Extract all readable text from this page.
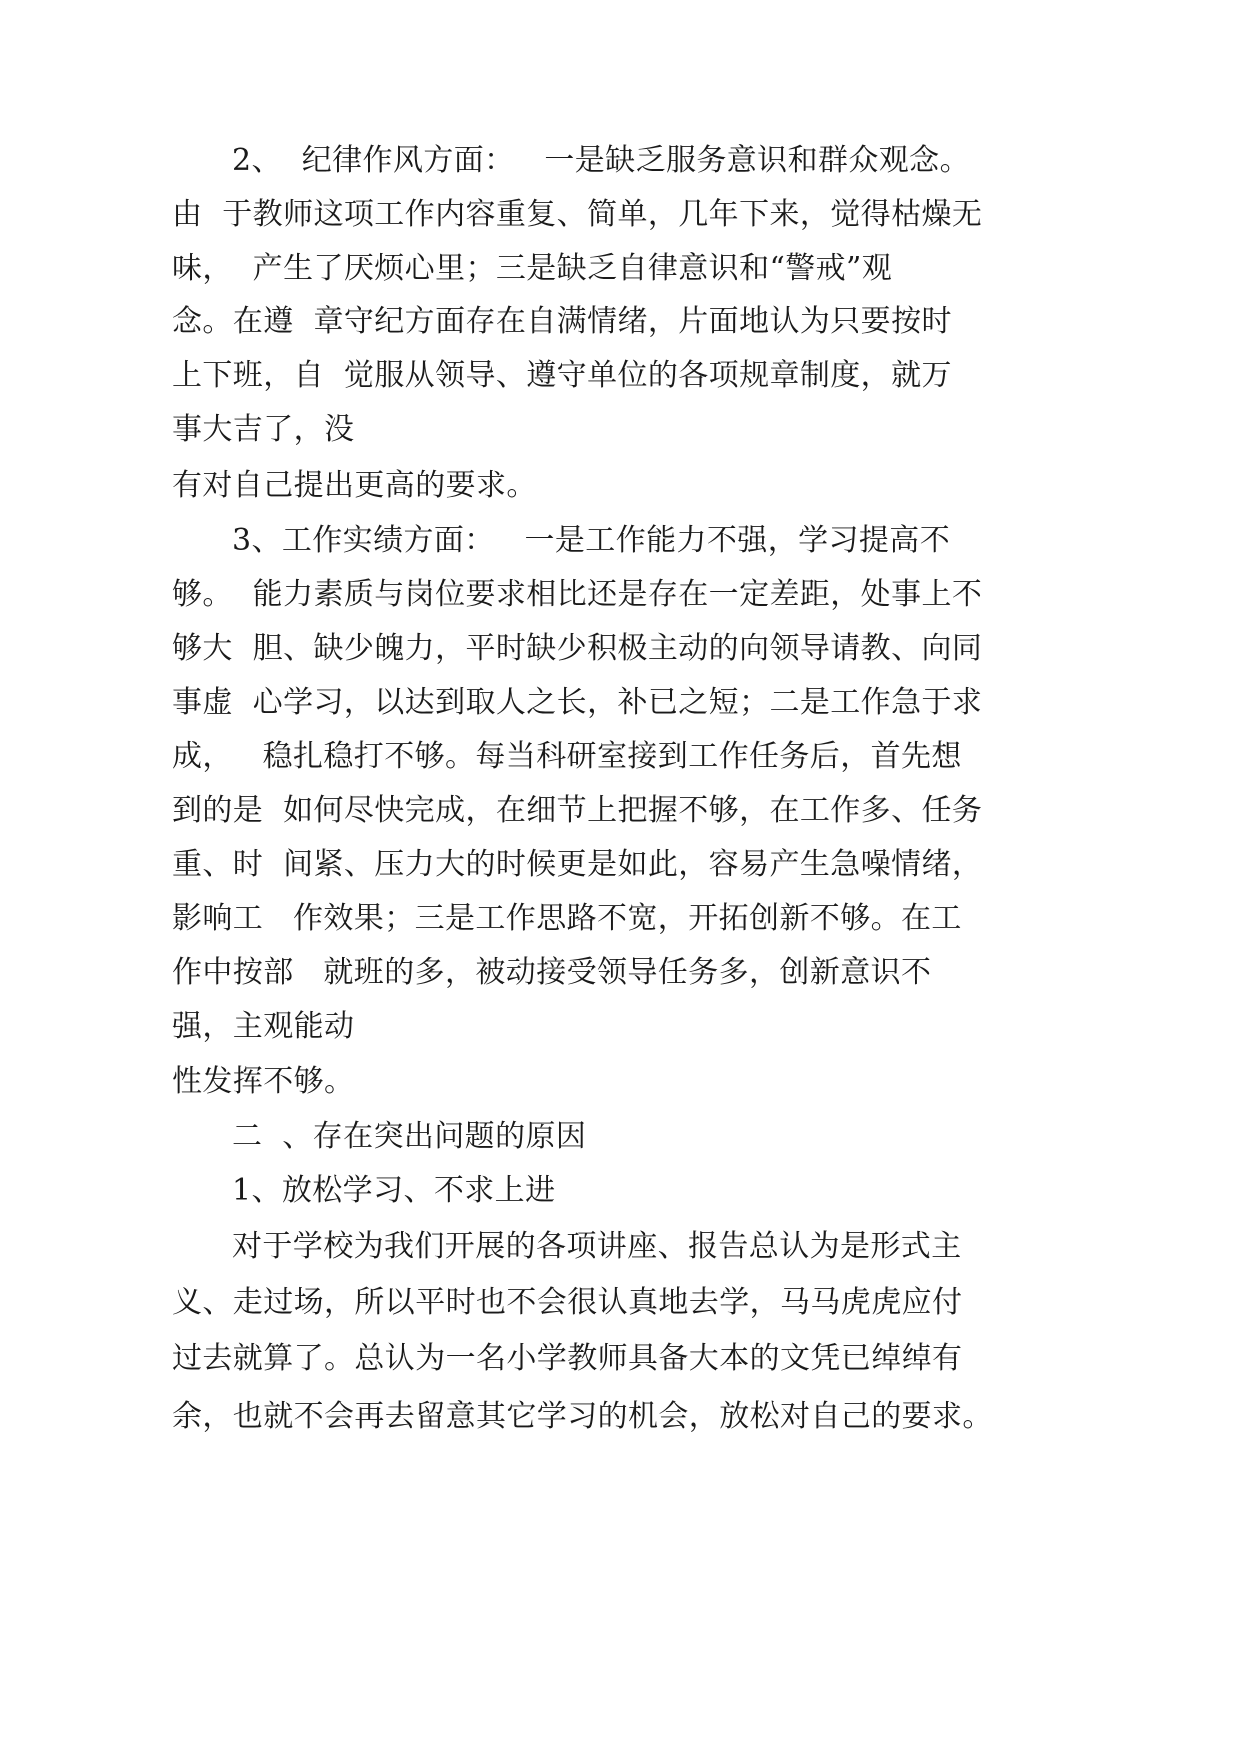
2、  纪律作风方面：   一是缺乏服务意识和群众观念。
由  于教师这项工作内容重复、简单，几年下来，觉得枯燥无
味，  产生了厌烦心里；三是缺乏自律意识和“警戒”观
念。在遵  章守纪方面存在自满情绪，片面地认为只要按时
上下班，自  觉服从领导、遵守单位的各项规章制度，就万
事大吉了，没
有对自己提出更高的要求。
3、工作实绩方面：   一是工作能力不强，学习提高不
够。  能力素质与岗位要求相比还是存在一定差距，处事上不
够大  胆、缺少魄力，平时缺少积极主动的向领导请教、向同
事虚  心学习，以达到取人之长，补已之短；二是工作急于求
成，   稳扎稳打不够。每当科研室接到工作任务后，首先想
到的是  如何尽快完成，在细节上把握不够，在工作多、任务
重、时  间紧、压力大的时候更是如此，容易产生急噪情绪，
影响工   作效果；三是工作思路不宽，开拓创新不够。在工
作中按部   就班的多，被动接受领导任务多，创新意识不
强，主观能动
性发挥不够。
二  、存在突出问题的原因
1、放松学习、不求上进
对于学校为我们开展的各项讲座、报告总认为是形式主
义、走过场，所以平时也不会很认真地去学，马马虎虎应付
过去就算了。总认为一名小学教师具备大本的文凭已绰绰有
余，也就不会再去留意其它学习的机会，放松对自己的要求。
